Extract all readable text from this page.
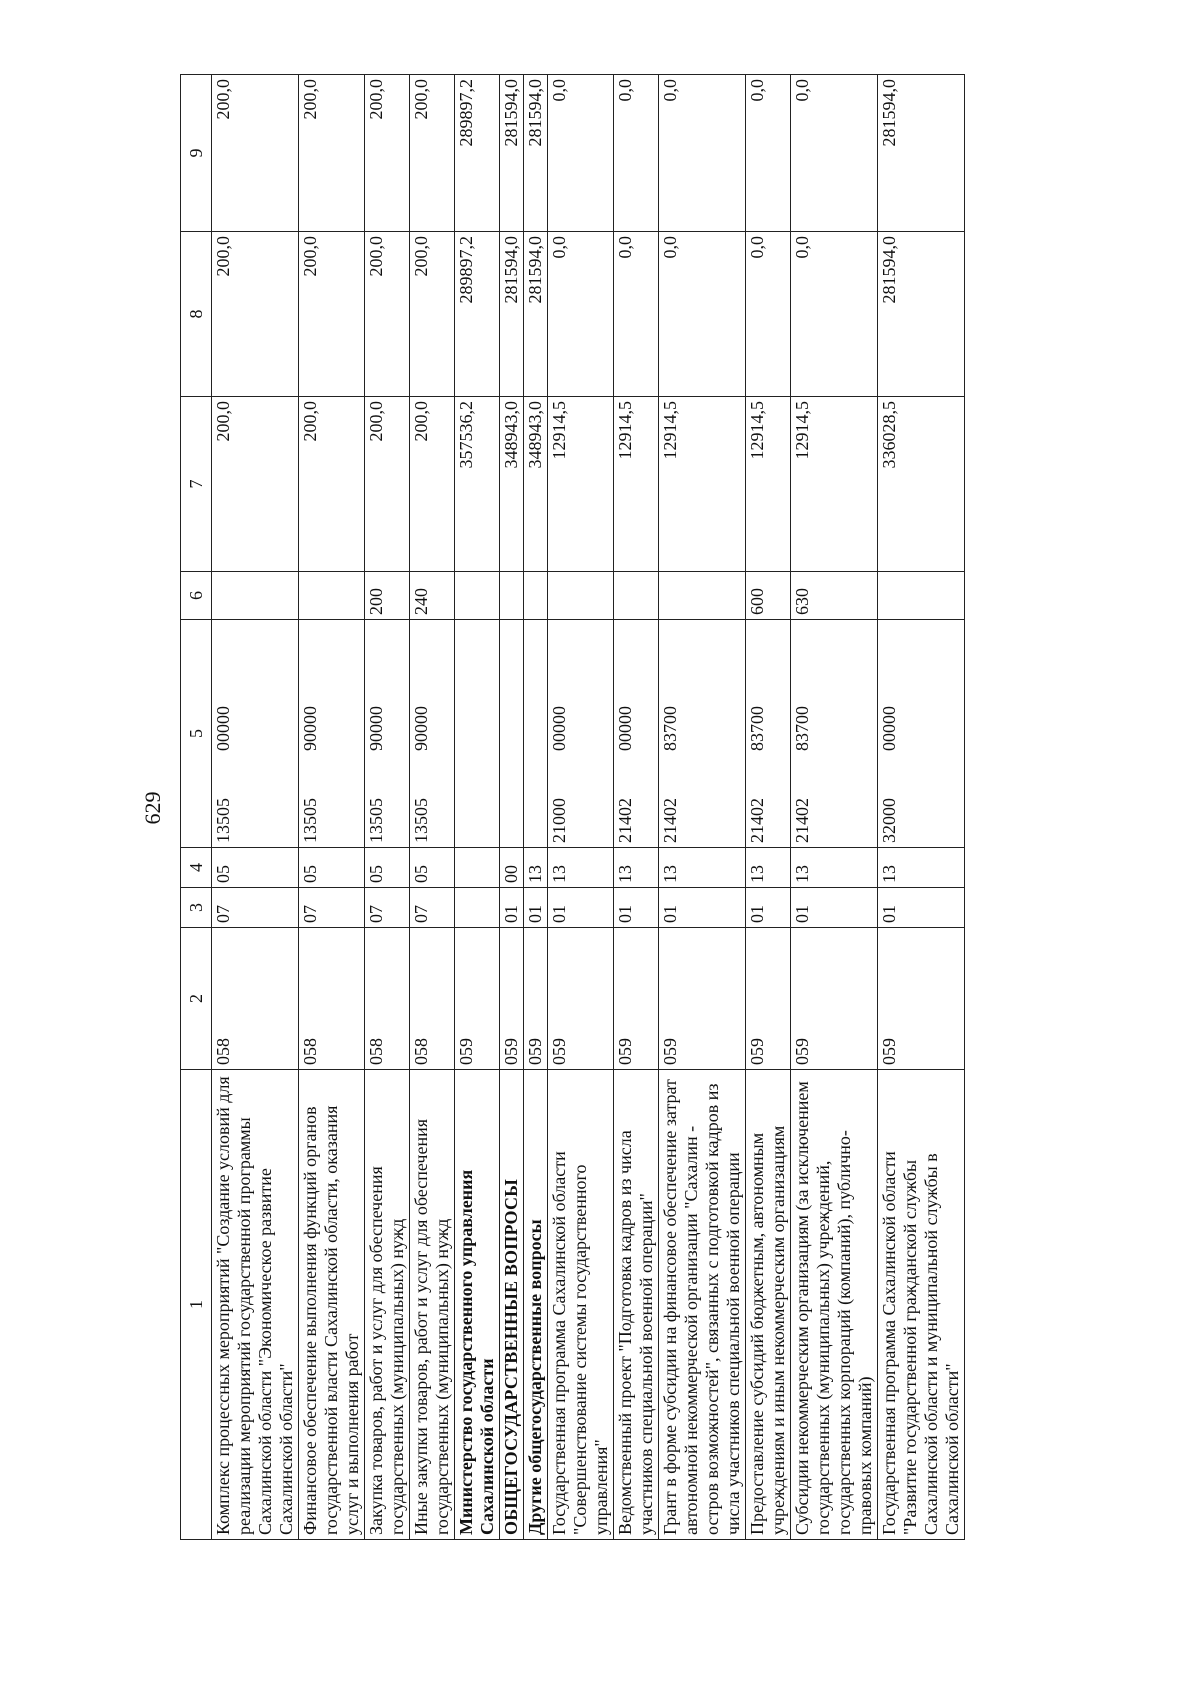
629
1	2	3	4	5	6	7	8	9
Комплекс процессных мероприятий "Создание условий для реализации мероприятий государственной программы Сахалинской области "Экономическое развитие Сахалинской области"	058	07	05	1350500000		200,0	200,0	200,0
Финансовое обеспечение выполнения функций органов государственной власти Сахалинской области, оказания услуг и выполнения работ	058	07	05	1350590000		200,0	200,0	200,0
Закупка товаров, работ и услуг для обеспечения государственных (муниципальных) нужд	058	07	05	1350590000	200	200,0	200,0	200,0
Иные закупки товаров, работ и услуг для обеспечения государственных (муниципальных) нужд	058	07	05	1350590000	240	200,0	200,0	200,0
Министерство государственного управления Сахалинской области	059					357536,2	289897,2	289897,2
ОБЩЕГОСУДАРСТВЕННЫЕ ВОПРОСЫ	059	01	00			348943,0	281594,0	281594,0
Другие общегосударственные вопросы	059	01	13			348943,0	281594,0	281594,0
Государственная программа Сахалинской области "Совершенствование системы государственного управления"	059	01	13	2100000000		12914,5	0,0	0,0
Ведомственный проект "Подготовка кадров из числа участников специальной военной операции"	059	01	13	2140200000		12914,5	0,0	0,0
Грант в форме субсидии на финансовое обеспечение затрат автономной некоммерческой организации "Сахалин - остров возможностей", связанных с подготовкой кадров из числа участников специальной военной операции	059	01	13	2140283700		12914,5	0,0	0,0
Предоставление субсидий бюджетным, автономным учреждениям и иным некоммерческим организациям	059	01	13	2140283700	600	12914,5	0,0	0,0
Субсидии некоммерческим организациям (за исключением государственных (муниципальных) учреждений, государственных корпораций (компаний), публично-правовых компаний)	059	01	13	2140283700	630	12914,5	0,0	0,0
Государственная программа Сахалинской области "Развитие государственной гражданской службы Сахалинской области и муниципальной службы в Сахалинской области"	059	01	13	3200000000		336028,5	281594,0	281594,0
